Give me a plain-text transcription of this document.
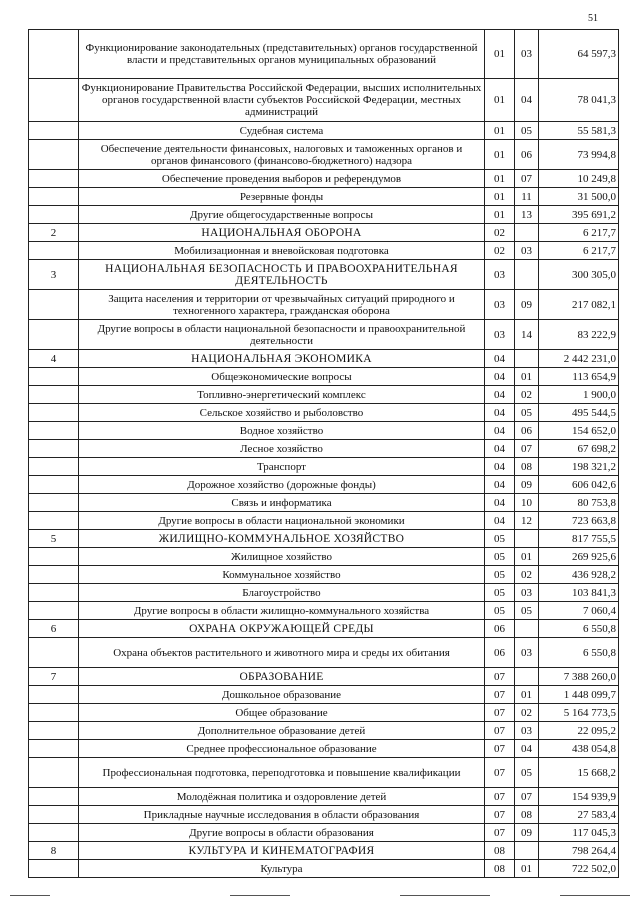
51
	Функционирование законодательных (представительных) органов государственной власти и представительных органов муниципальных образований	01	03	64 597,3
	Функционирование Правительства Российской Федерации, высших исполнительных органов государственной власти субъектов Российской Федерации, местных администраций	01	04	78 041,3
	Судебная система	01	05	55 581,3
	Обеспечение деятельности финансовых, налоговых и таможенных органов и органов финансового (финансово-бюджетного) надзора	01	06	73 994,8
	Обеспечение проведения выборов и референдумов	01	07	10 249,8
	Резервные фонды	01	11	31 500,0
	Другие общегосударственные вопросы	01	13	395 691,2
2	НАЦИОНАЛЬНАЯ ОБОРОНА	02		6 217,7
	Мобилизационная и вневойсковая подготовка	02	03	6 217,7
3	НАЦИОНАЛЬНАЯ БЕЗОПАСНОСТЬ И ПРАВООХРАНИТЕЛЬНАЯ ДЕЯТЕЛЬНОСТЬ	03		300 305,0
	Защита населения и территории от чрезвычайных ситуаций природного и техногенного характера, гражданская оборона	03	09	217 082,1
	Другие вопросы в области национальной безопасности и правоохранительной деятельности	03	14	83 222,9
4	НАЦИОНАЛЬНАЯ ЭКОНОМИКА	04		2 442 231,0
	Общеэкономические вопросы	04	01	113 654,9
	Топливно-энергетический комплекс	04	02	1 900,0
	Сельское хозяйство и рыболовство	04	05	495 544,5
	Водное хозяйство	04	06	154 652,0
	Лесное хозяйство	04	07	67 698,2
	Транспорт	04	08	198 321,2
	Дорожное хозяйство (дорожные фонды)	04	09	606 042,6
	Связь и информатика	04	10	80 753,8
	Другие вопросы в области национальной экономики	04	12	723 663,8
5	ЖИЛИЩНО-КОММУНАЛЬНОЕ ХОЗЯЙСТВО	05		817 755,5
	Жилищное хозяйство	05	01	269 925,6
	Коммунальное хозяйство	05	02	436 928,2
	Благоустройство	05	03	103 841,3
	Другие вопросы в области жилищно-коммунального хозяйства	05	05	7 060,4
6	ОХРАНА ОКРУЖАЮЩЕЙ СРЕДЫ	06		6 550,8
	Охрана объектов растительного и животного мира и среды их обитания	06	03	6 550,8
7	ОБРАЗОВАНИЕ	07		7 388 260,0
	Дошкольное образование	07	01	1 448 099,7
	Общее образование	07	02	5 164 773,5
	Дополнительное образование детей	07	03	22 095,2
	Среднее профессиональное образование	07	04	438 054,8
	Профессиональная подготовка, переподготовка и повышение квалификации	07	05	15 668,2
	Молодёжная политика и оздоровление детей	07	07	154 939,9
	Прикладные научные исследования в области образования	07	08	27 583,4
	Другие вопросы в области образования	07	09	117 045,3
8	КУЛЬТУРА И КИНЕМАТОГРАФИЯ	08		798 264,4
	Культура	08	01	722 502,0
